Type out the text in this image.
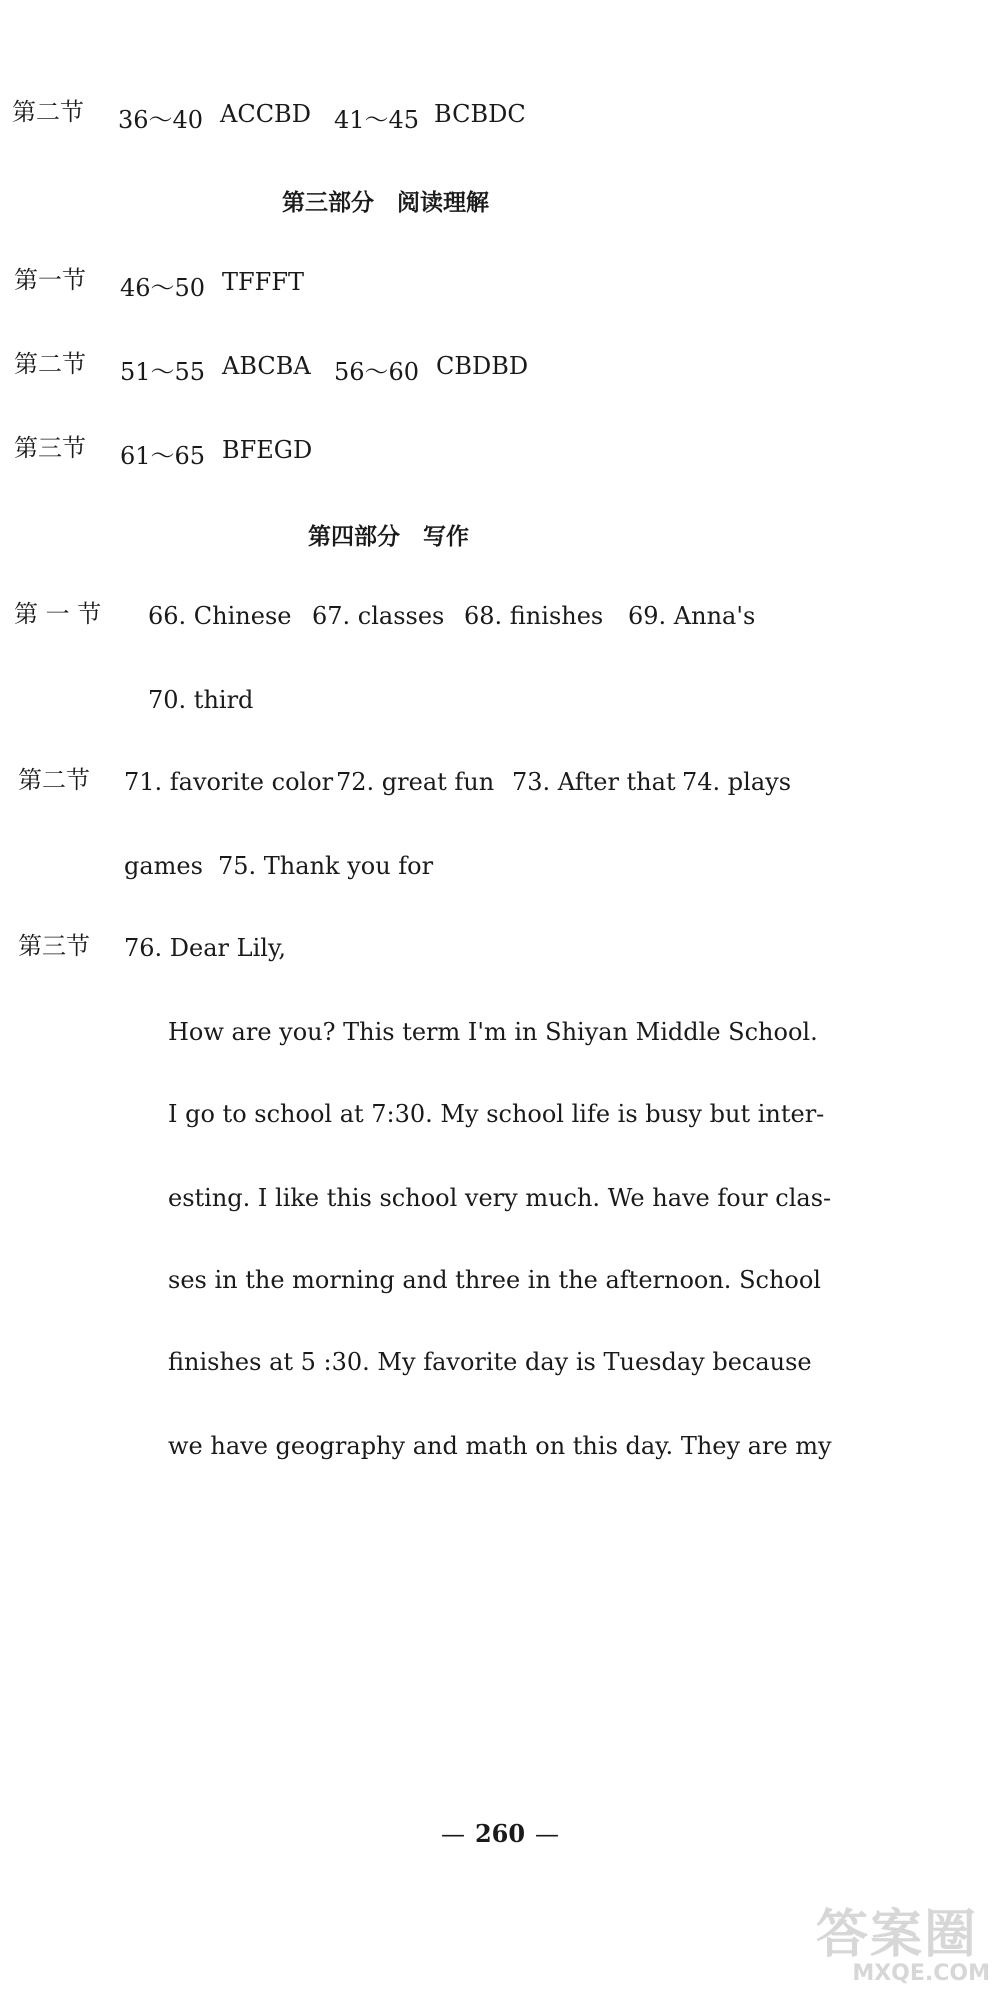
第二节 36～40 ACCBD 41～45 BCBDC
第三部分　阅读理解
第一节 46～50 TFFFT
第二节 51～55 ABCBA 56～60 CBDBD
第三节 61～65 BFEGD
第四部分　写作
第 一 节 66. Chinese 67. classes 68. finishes 69. Anna's
70. third
第二节 71. favorite color 72. great fun 73. After that 74. plays
games 75. Thank you for
第三节 76. Dear Lily,
How are you? This term I'm in Shiyan Middle School.
I go to school at 7:30. My school life is busy but inter-
esting. I like this school very much. We have four clas-
ses in the morning and three in the afternoon. School
finishes at 5 :30. My favorite day is Tuesday because
we have geography and math on this day. They are my
— 260 —
答案圈
MXQE.COM
